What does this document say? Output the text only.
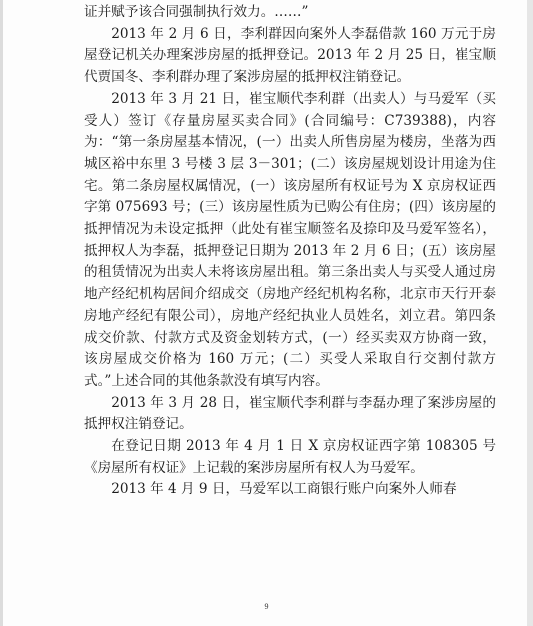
证并赋予该合同强制执行效力。……”

2013 年 2 月 6 日，李利群因向案外人李磊借款 160 万元于房屋登记机关办理案涉房屋的抵押登记。2013 年 2 月 25 日，崔宝顺代贾国冬、李利群办理了案涉房屋的抵押权注销登记。

2013 年 3 月 21 日，崔宝顺代李利群（出卖人）与马爱军（买受人）签订《存量房屋买卖合同》(合同编号：C739388)，内容为：“第一条房屋基本情况，(一）出卖人所售房屋为楼房，坐落为西城区裕中东里 3 号楼 3 层 3－301；(二）该房屋规划设计用途为住宅。第二条房屋权属情况，(一）该房屋所有权证号为 X 京房权证西字第 075693 号；(三）该房屋性质为已购公有住房；(四）该房屋的抵押情况为未设定抵押（此处有崔宝顺签名及捺印及马爱军签名），抵押权人为李磊，抵押登记日期为 2013 年 2 月 6 日；(五）该房屋的租赁情况为出卖人未将该房屋出租。第三条出卖人与买受人通过房地产经纪机构居间介绍成交（房地产经纪机构名称，北京市天行开泰房地产经纪有限公司），房地产经纪执业人员姓名，刘立君。第四条成交价款、付款方式及资金划转方式，(一）经买卖双方协商一致，该房屋成交价格为 160 万元；(二）买受人采取自行交割付款方式。”上述合同的其他条款没有填写内容。

2013 年 3 月 28 日，崔宝顺代李利群与李磊办理了案涉房屋的抵押权注销登记。

在登记日期 2013 年 4 月 1 日 X 京房权证西字第 108305 号《房屋所有权证》上记载的案涉房屋所有权人为马爱军。

2013 年 4 月 9 日，马爱军以工商银行账户向案外人师春

9
